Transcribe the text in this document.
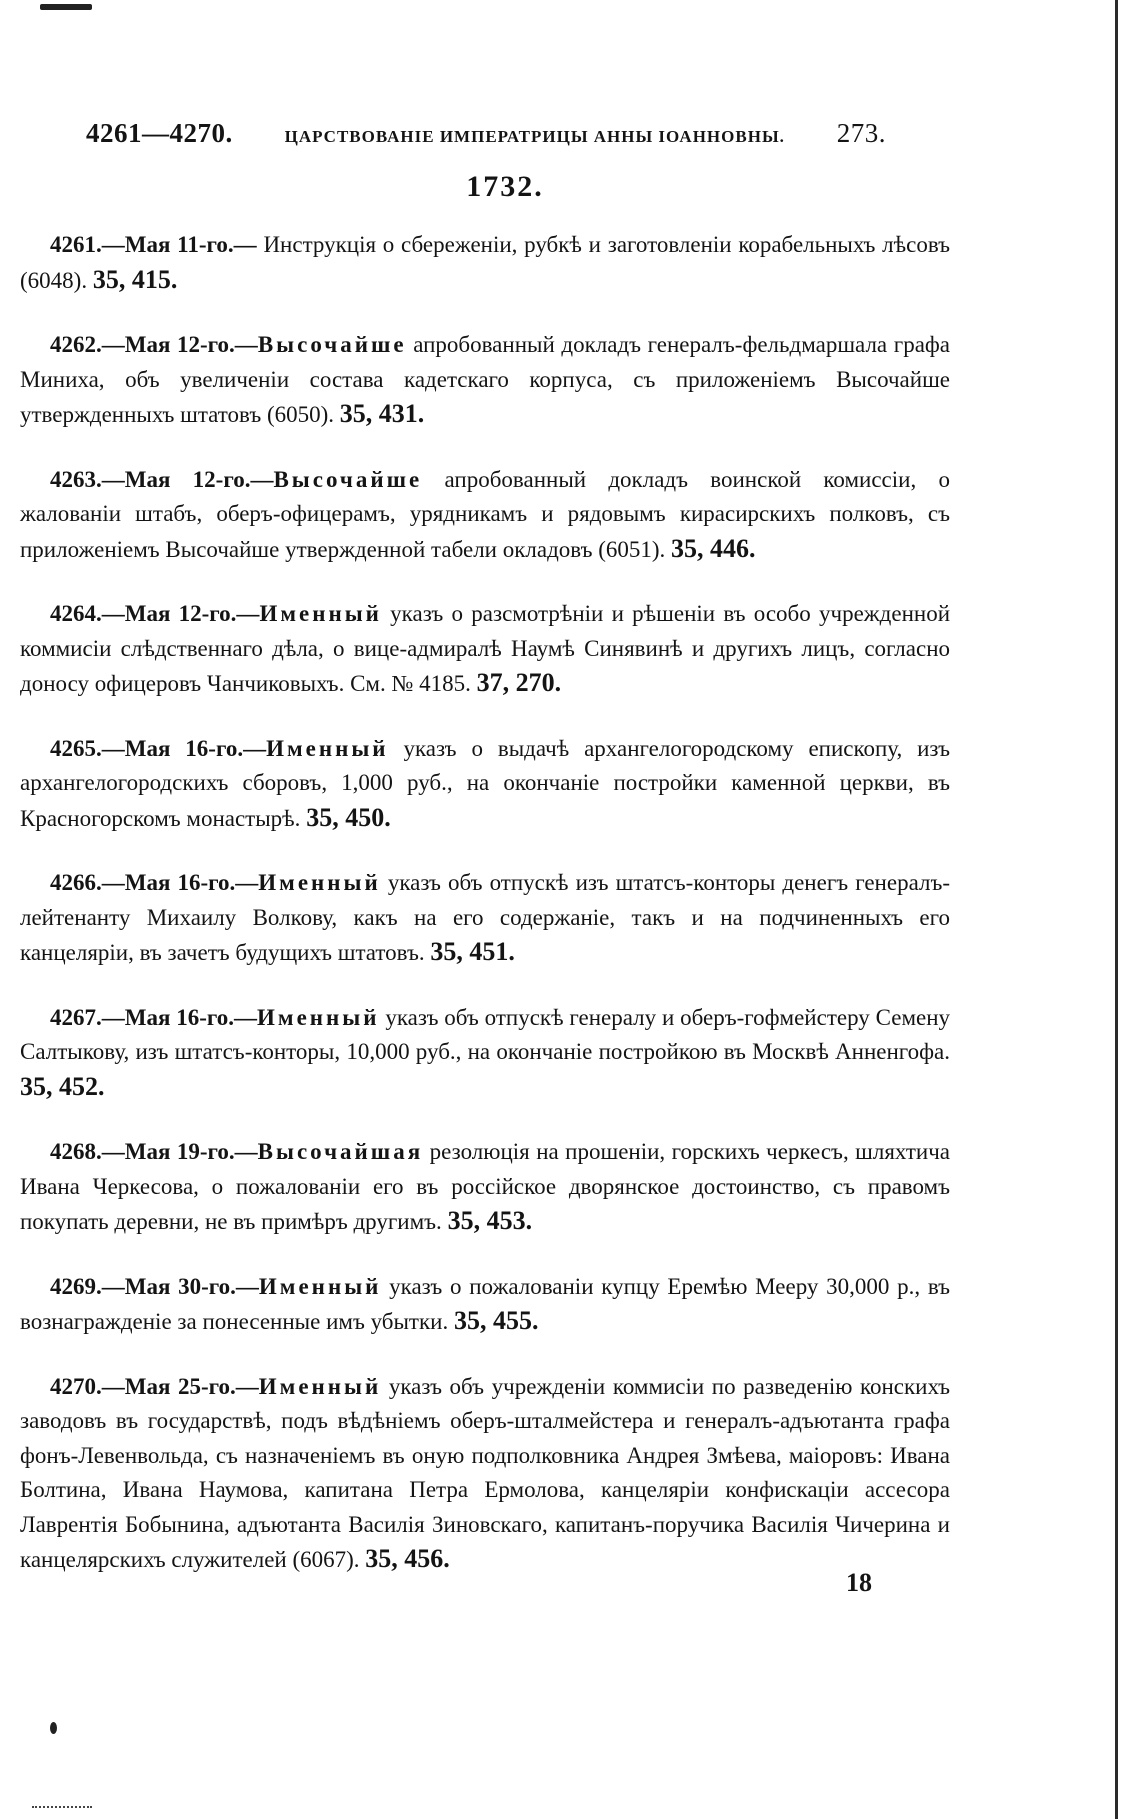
4261—4270.	ЦАРСТВОВАНІЕ ИМПЕРАТРИЦЫ АННЫ ІОАННОВНЫ. 273.
1732.

4261.—Мая 11-го.— Инструкція о сбереженіи, рубкѣ и заготовленіи корабельныхъ лѣсовъ (6048). 35, 415.

4262.—Мая 12-го.—Высочайше апробованный докладъ генералъ-фельдмаршала графа Миниха, объ увеличеніи состава кадетскаго корпуса, съ приложеніемъ Высочайше утвержденныхъ штатовъ (6050). 35, 431.

4263.—Мая 12-го.—Высочайше апробованный докладъ воинской комиссіи, о жалованіи штабъ, оберъ-офицерамъ, урядникамъ и рядовымъ кирасирскихъ полковъ, съ приложеніемъ Высочайше утвержденной табели окладовъ (6051). 35, 446.

4264.—Мая 12-го.—Именный указъ о разсмотрѣніи и рѣшеніи въ особо учрежденной коммисіи слѣдственнаго дѣла, о вице-адмиралѣ Наумѣ Синявинѣ и другихъ лицъ, согласно доносу офицеровъ Чанчиковыхъ. См. № 4185. 37, 270.

4265.—Мая 16-го.—Именный указъ о выдачѣ архангелогородскому епископу, изъ архангелогородскихъ сборовъ, 1,000 руб., на окончаніе постройки каменной церкви, въ Красногорскомъ монастырѣ. 35, 450.

4266.—Мая 16-го.—Именный указъ объ отпускѣ изъ штатсъ-конторы денегъ генералъ-лейтенанту Михаилу Волкову, какъ на его содержаніе, такъ и на подчиненныхъ его канцеляріи, въ зачетъ будущихъ штатовъ. 35, 451.

4267.—Мая 16-го.—Именный указъ объ отпускѣ генералу и оберъ-гофмейстеру Семену Салтыкову, изъ штатсъ-конторы, 10,000 руб., на окончаніе постройкою въ Москвѣ Анненгофа. 35, 452.

4268.—Мая 19-го.—Высочайшая резолюція на прошеніи, горскихъ черкесъ, шляхтича Ивана Черкесова, о пожалованіи его въ россійское дворянское достоинство, съ правомъ покупать деревни, не въ примѣръ другимъ. 35, 453.

4269.—Мая 30-го.—Именный указъ о пожалованіи купцу Еремѣю Мееру 30,000 р., въ вознагражденіе за понесенные имъ убытки. 35, 455.

4270.—Мая 25-го.—Именный указъ объ учрежденіи коммисіи по разведенію конскихъ заводовъ въ государствѣ, подъ вѣдѣніемъ оберъ-шталмейстера и генералъ-адъютанта графа фонъ-Левенвольда, съ назначеніемъ въ оную подполковника Андрея Змѣева, маіоровъ: Ивана Болтина, Ивана Наумова, капитана Петра Ермолова, канцеляріи конфискаціи ассесора Лаврентія Бобынина, адъютанта Василія Зиновскаго, капитанъ-поручика Василія Чичерина и канцелярскихъ служителей (6067). 35, 456.

18
